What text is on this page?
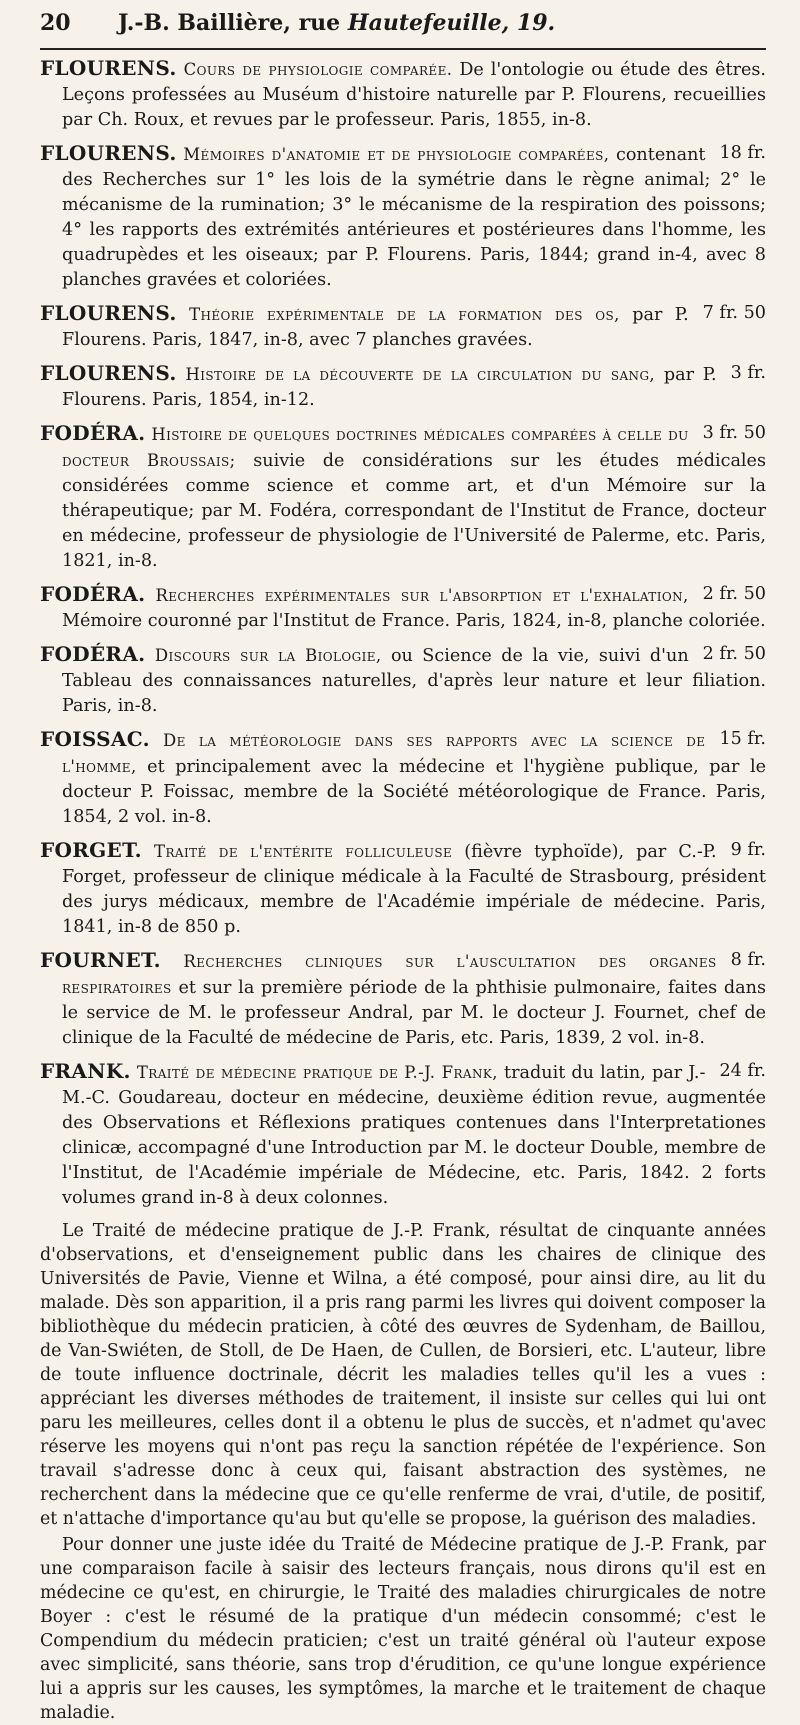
20	J.-B. Baillière, rue Hautefeuille, 19.

FLOURENS. Cours de physiologie comparée. De l'ontologie ou étude des êtres. Leçons professées au Muséum d'histoire naturelle par P. Flourens, recueillies par Ch. Roux, et revues par le professeur. Paris, 1855, in-8.

18 fr.
FLOURENS. Mémoires d'anatomie et de physiologie comparées, contenant des Recherches sur 1° les lois de la symétrie dans le règne animal; 2° le mécanisme de la rumination; 3° le mécanisme de la respiration des poissons; 4° les rapports des extrémités antérieures et postérieures dans l'homme, les quadrupèdes et les oiseaux; par P. Flourens. Paris, 1844; grand in-4, avec 8 planches gravées et coloriées.

7 fr. 50
FLOURENS. Théorie expérimentale de la formation des os, par P. Flourens. Paris, 1847, in-8, avec 7 planches gravées.

3 fr.
FLOURENS. Histoire de la découverte de la circulation du sang, par P. Flourens. Paris, 1854, in-12.

3 fr. 50
FODÉRA. Histoire de quelques doctrines médicales comparées à celle du docteur Broussais; suivie de considérations sur les études médicales considérées comme science et comme art, et d'un Mémoire sur la thérapeutique; par M. Fodéra, correspondant de l'Institut de France, docteur en médecine, professeur de physiologie de l'Université de Palerme, etc. Paris, 1821, in-8.

2 fr. 50
FODÉRA. Recherches expérimentales sur l'absorption et l'exhalation, Mémoire couronné par l'Institut de France. Paris, 1824, in-8, planche coloriée.

2 fr. 50
FODÉRA. Discours sur la Biologie, ou Science de la vie, suivi d'un Tableau des connaissances naturelles, d'après leur nature et leur filiation. Paris, in-8.

15 fr.
FOISSAC. De la météorologie dans ses rapports avec la science de l'homme, et principalement avec la médecine et l'hygiène publique, par le docteur P. Foissac, membre de la Société météorologique de France. Paris, 1854, 2 vol. in-8.

9 fr.
FORGET. Traité de l'entérite folliculeuse (fièvre typhoïde), par C.-P. Forget, professeur de clinique médicale à la Faculté de Strasbourg, président des jurys médicaux, membre de l'Académie impériale de médecine. Paris, 1841, in-8 de 850 p.

8 fr.
FOURNET. Recherches cliniques sur l'auscultation des organes respiratoires et sur la première période de la phthisie pulmonaire, faites dans le service de M. le professeur Andral, par M. le docteur J. Fournet, chef de clinique de la Faculté de médecine de Paris, etc. Paris, 1839, 2 vol. in-8.

24 fr.
FRANK. Traité de médecine pratique de P.-J. Frank, traduit du latin, par J.-M.-C. Goudareau, docteur en médecine, deuxième édition revue, augmentée des Observations et Réflexions pratiques contenues dans l'Interpretationes clinicæ, accompagné d'une Introduction par M. le docteur Double, membre de l'Institut, de l'Académie impériale de Médecine, etc. Paris, 1842. 2 forts volumes grand in-8 à deux colonnes.

Le Traité de médecine pratique de J.-P. Frank, résultat de cinquante années d'observations, et d'enseignement public dans les chaires de clinique des Universités de Pavie, Vienne et Wilna, a été composé, pour ainsi dire, au lit du malade. Dès son apparition, il a pris rang parmi les livres qui doivent composer la bibliothèque du médecin praticien, à côté des œuvres de Sydenham, de Baillou, de Van-Swiéten, de Stoll, de De Haen, de Cullen, de Borsieri, etc. L'auteur, libre de toute influence doctrinale, décrit les maladies telles qu'il les a vues : appréciant les diverses méthodes de traitement, il insiste sur celles qui lui ont paru les meilleures, celles dont il a obtenu le plus de succès, et n'admet qu'avec réserve les moyens qui n'ont pas reçu la sanction répétée de l'expérience. Son travail s'adresse donc à ceux qui, faisant abstraction des systèmes, ne recherchent dans la médecine que ce qu'elle renferme de vrai, d'utile, de positif, et n'attache d'importance qu'au but qu'elle se propose, la guérison des maladies.

Pour donner une juste idée du Traité de Médecine pratique de J.-P. Frank, par une comparaison facile à saisir des lecteurs français, nous dirons qu'il est en médecine ce qu'est, en chirurgie, le Traité des maladies chirurgicales de notre Boyer : c'est le résumé de la pratique d'un médecin consommé; c'est le Compendium du médecin praticien; c'est un traité général où l'auteur expose avec simplicité, sans théorie, sans trop d'érudition, ce qu'une longue expérience lui a appris sur les causes, les symptômes, la marche et le traitement de chaque maladie.
